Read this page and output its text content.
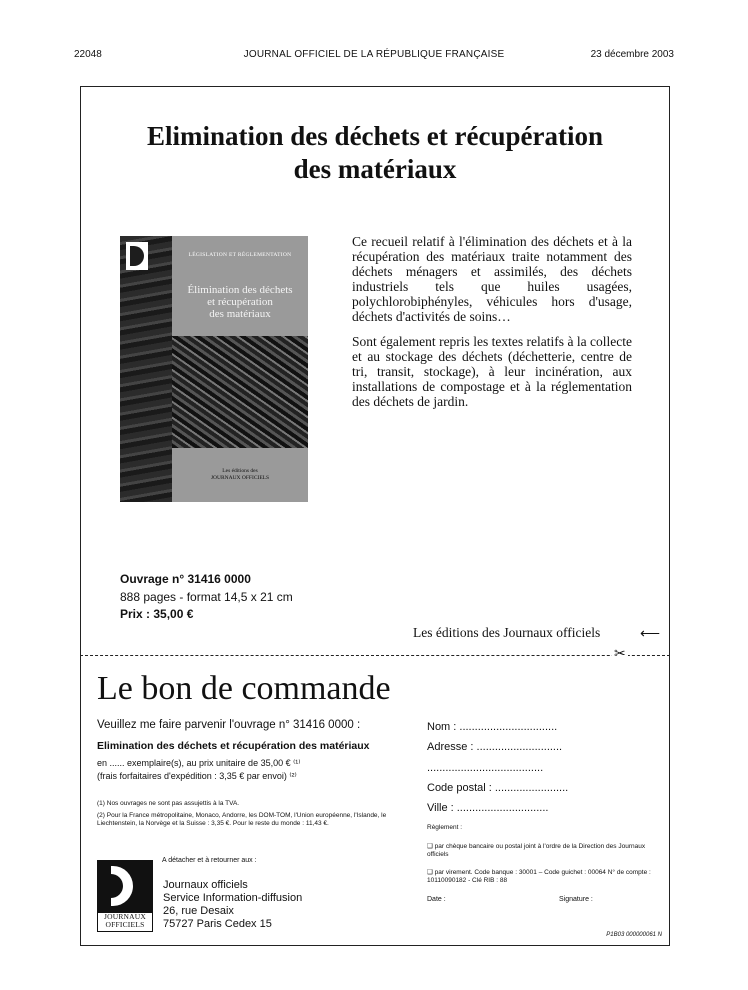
22048	JOURNAL OFFICIEL DE LA RÉPUBLIQUE FRANÇAISE	23 décembre 2003
Elimination des déchets et récupération
des matériaux
LÉGISLATION ET RÉGLEMENTATION
Élimination des déchets
et récupération
des matériaux
Les éditions des
JOURNAUX OFFICIELS
Ce recueil relatif à l'élimination des déchets et à la récupération des matériaux traite notamment des déchets ménagers et assimilés, des déchets industriels tels que huiles usagées, polychlorobiphényles, véhicules hors d'usage, déchets d'activités de soins…
Sont également repris les textes relatifs à la collecte et au stockage des déchets (déchetterie, centre de tri, transit, stockage), à leur incinération, aux installations de compostage et à la réglementation des déchets de jardin.
Ouvrage n° 31416 0000
888 pages - format 14,5 x 21 cm
Prix : 35,00 €
Les éditions des Journaux officiels	⟵
✂
Le bon de commande
Veuillez me faire parvenir l'ouvrage n° 31416 0000 :
Elimination des déchets et récupération des matériaux
en ...... exemplaire(s), au prix unitaire de 35,00 € ⁽¹⁾
(frais forfaitaires d'expédition : 3,35 € par envoi) ⁽²⁾
(1) Nos ouvrages ne sont pas assujettis à la TVA.
(2) Pour la France métropolitaine, Monaco, Andorre, les DOM-TOM, l'Union européenne, l'Islande, le Liechtenstein, la Norvège et la Suisse : 3,35 €. Pour le reste du monde : 11,43 €.
A détacher et à retourner aux :
JOURNAUX
OFFICIELS
Journaux officiels
Service Information-diffusion
26, rue Desaix
75727 Paris Cedex 15
Nom : ................................
Adresse : ............................
......................................
Code postal : ........................
Ville : ..............................
Règlement :
❑ par chèque bancaire ou postal joint à l'ordre de la Direction des Journaux officiels
❑ par virement. Code banque : 30001 – Code guichet : 00064 N° de compte : 10110090182 - Clé RIB : 88
Date :	Signature :
P1B03 000000061 N
